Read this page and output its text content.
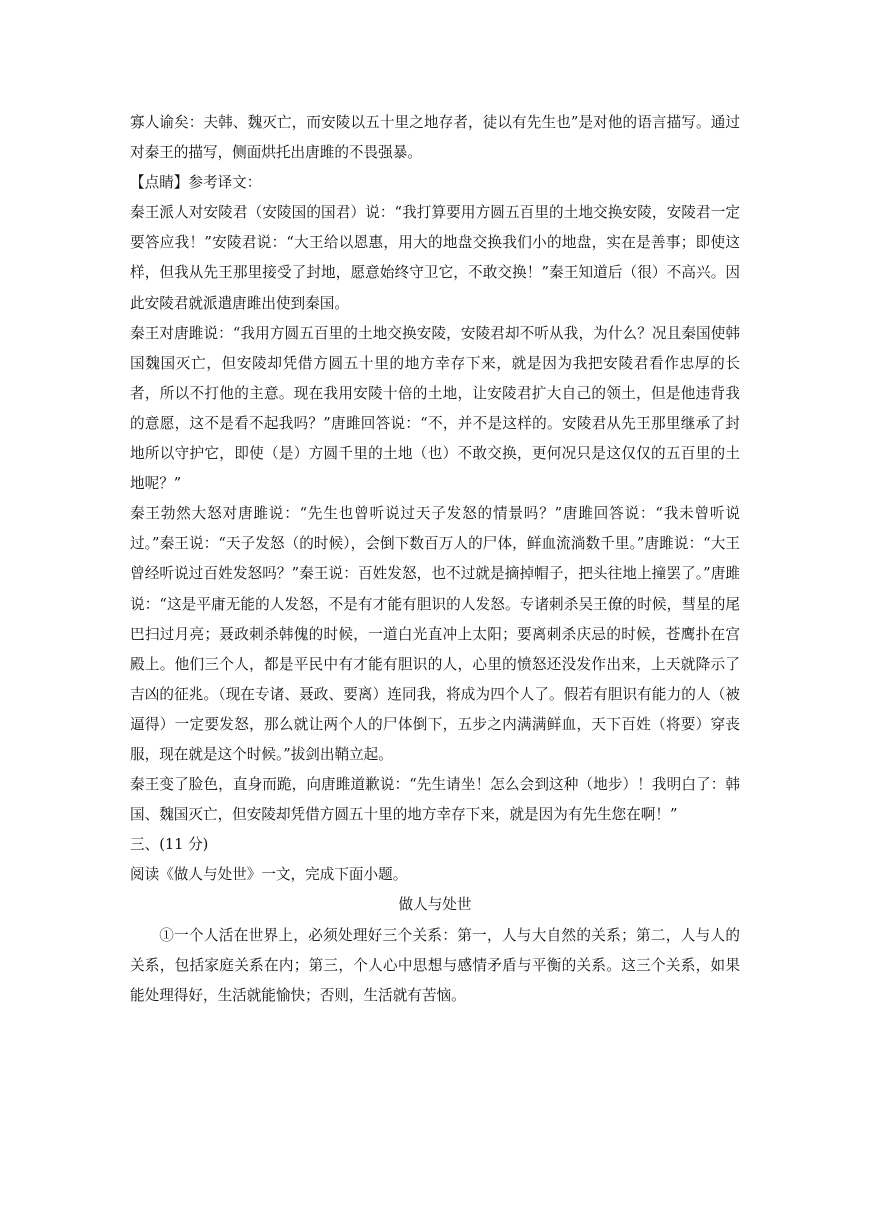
寡人谕矣：夫韩、魏灭亡，而安陵以五十里之地存者，徒以有先生也”是对他的语言描写。通过对秦王的描写，侧面烘托出唐雎的不畏强暴。

【点睛】参考译文：

秦王派人对安陵君（安陵国的国君）说：“我打算要用方圆五百里的土地交换安陵，安陵君一定要答应我！”安陵君说：“大王给以恩惠，用大的地盘交换我们小的地盘，实在是善事；即使这样，但我从先王那里接受了封地，愿意始终守卫它，不敢交换！”秦王知道后（很）不高兴。因此安陵君就派遣唐雎出使到秦国。

秦王对唐雎说：“我用方圆五百里的土地交换安陵，安陵君却不听从我，为什么？况且秦国使韩国魏国灭亡，但安陵却凭借方圆五十里的地方幸存下来，就是因为我把安陵君看作忠厚的长者，所以不打他的主意。现在我用安陵十倍的土地，让安陵君扩大自己的领土，但是他违背我的意愿，这不是看不起我吗？”唐雎回答说：“不，并不是这样的。安陵君从先王那里继承了封地所以守护它，即使（是）方圆千里的土地（也）不敢交换，更何况只是这仅仅的五百里的土地呢？”

秦王勃然大怒对唐雎说：“先生也曾听说过天子发怒的情景吗？”唐雎回答说：“我未曾听说过。”秦王说：“天子发怒（的时候），会倒下数百万人的尸体，鲜血流淌数千里。”唐雎说：“大王曾经听说过百姓发怒吗？”秦王说：百姓发怒，也不过就是摘掉帽子，把头往地上撞罢了。”唐雎说：“这是平庸无能的人发怒，不是有才能有胆识的人发怒。专诸刺杀吴王僚的时候，彗星的尾巴扫过月亮；聂政刺杀韩傀的时候，一道白光直冲上太阳；要离刺杀庆忌的时候，苍鹰扑在宫殿上。他们三个人，都是平民中有才能有胆识的人，心里的愤怒还没发作出来，上天就降示了吉凶的征兆。（现在专诸、聂政、要离）连同我，将成为四个人了。假若有胆识有能力的人（被逼得）一定要发怒，那么就让两个人的尸体倒下，五步之内满满鲜血，天下百姓（将要）穿丧服，现在就是这个时候。”拔剑出鞘立起。

秦王变了脸色，直身而跪，向唐雎道歉说：“先生请坐！怎么会到这种（地步）！我明白了：韩国、魏国灭亡，但安陵却凭借方圆五十里的地方幸存下来，就是因为有先生您在啊！”

三、(11 分)

阅读《做人与处世》一文，完成下面小题。

做人与处世

①一个人活在世界上，必须处理好三个关系：第一，人与大自然的关系；第二，人与人的关系，包括家庭关系在内；第三，个人心中思想与感情矛盾与平衡的关系。这三个关系，如果能处理得好，生活就能愉快；否则，生活就有苦恼。
